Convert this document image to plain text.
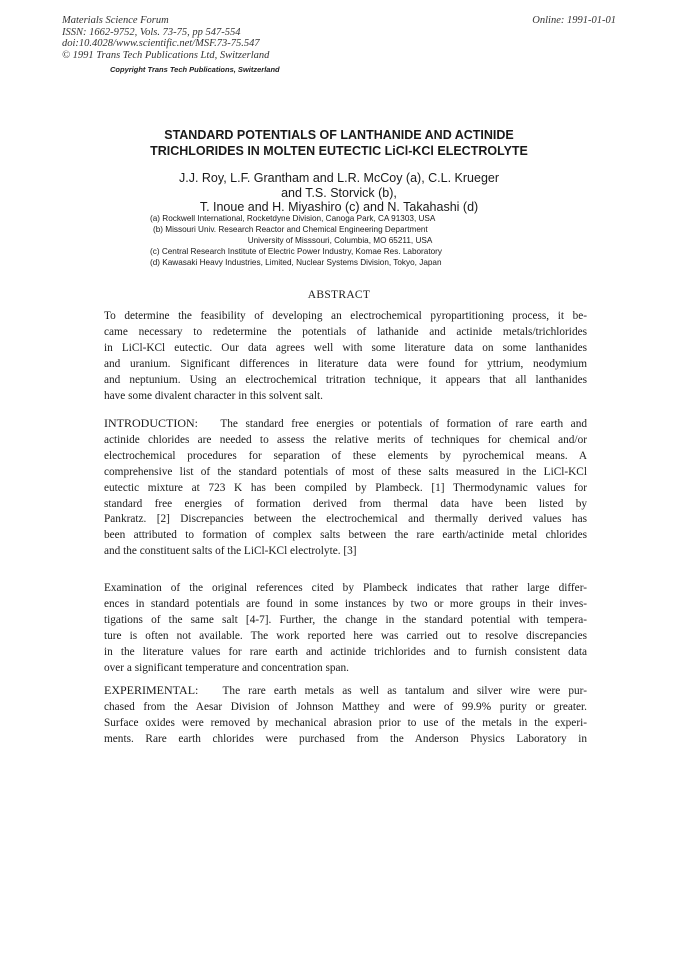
Materials Science Forum
ISSN: 1662-9752, Vols. 73-75, pp 547-554
doi:10.4028/www.scientific.net/MSF.73-75.547
© 1991 Trans Tech Publications Ltd, Switzerland
Online: 1991-01-01
Copyright Trans Tech Publications, Switzerland
STANDARD POTENTIALS OF LANTHANIDE AND ACTINIDE
TRICHLORIDES IN MOLTEN EUTECTIC LiCl-KCl ELECTROLYTE
J.J. Roy, L.F. Grantham and L.R. McCoy (a), C.L. Krueger
and T.S. Storvick (b),
T. Inoue and H. Miyashiro (c) and N. Takahashi (d)
(a) Rockwell International, Rocketdyne Division, Canoga Park, CA 91303, USA
(b) Missouri Univ. Research Reactor and Chemical Engineering Department
University of Misssouri, Columbia, MO 65211, USA
(c) Central Research Institute of Electric Power Industry, Komae Res. Laboratory
(d) Kawasaki Heavy Industries, Limited, Nuclear Systems Division, Tokyo, Japan
ABSTRACT
To determine the feasibility of developing an electrochemical pyropartitioning process, it be-
came necessary to redetermine the potentials of lathanide and actinide metals/trichlorides
in LiCl-KCl eutectic. Our data agrees well with some literature data on some lanthanides
and uranium. Significant differences in literature data were found for yttrium, neodymium
and neptunium. Using an electrochemical tritration technique, it appears that all lanthanides
have some divalent character in this solvent salt.
INTRODUCTION: The standard free energies or potentials of formation of rare earth and
actinide chlorides are needed to assess the relative merits of techniques for chemical and/or
electrochemical procedures for separation of these elements by pyrochemical means. A
comprehensive list of the standard potentials of most of these salts measured in the LiCl-KCl
eutectic mixture at 723 K has been compiled by Plambeck. [1] Thermodynamic values for
standard free energies of formation derived from thermal data have been listed by
Pankratz. [2] Discrepancies between the electrochemical and thermally derived values has
been attributed to formation of complex salts between the rare earth/actinide metal chlorides
and the constituent salts of the LiCl-KCl electrolyte. [3]
Examination of the original references cited by Plambeck indicates that rather large differ-
ences in standard potentials are found in some instances by two or more groups in their inves-
tigations of the same salt [4-7]. Further, the change in the standard potential with tempera-
ture is often not available. The work reported here was carried out to resolve discrepancies
in the literature values for rare earth and actinide trichlorides and to furnish consistent data
over a significant temperature and concentration span.
EXPERIMENTAL: The rare earth metals as well as tantalum and silver wire were pur-
chased from the Aesar Division of Johnson Matthey and were of 99.9% purity or greater.
Surface oxides were removed by mechanical abrasion prior to use of the metals in the experi-
ments. Rare earth chlorides were purchased from the Anderson Physics Laboratory in
